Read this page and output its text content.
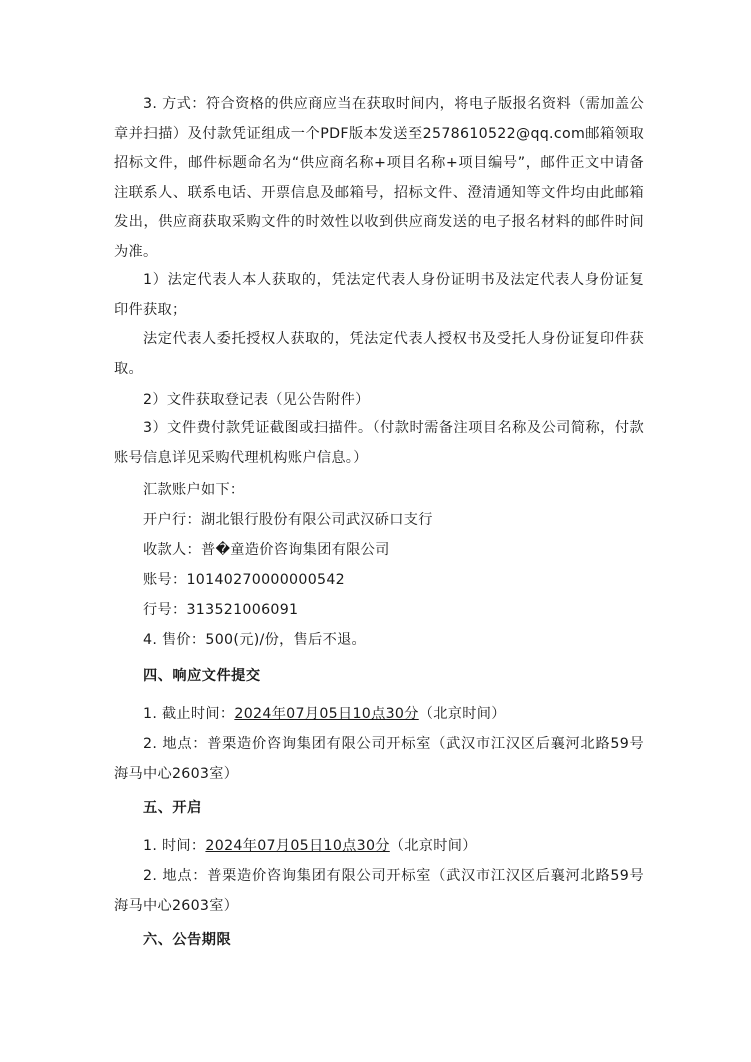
3. 方式：符合资格的供应商应当在获取时间内，将电子版报名资料（需加盖公章并扫描）及付款凭证组成一个PDF版本发送至2578610522@qq.com邮箱领取招标文件，邮件标题命名为“供应商名称+项目名称+项目编号”，邮件正文中请备注联系人、联系电话、开票信息及邮箱号，招标文件、澄清通知等文件均由此邮箱发出，供应商获取采购文件的时效性以收到供应商发送的电子报名材料的邮件时间为准。

1）法定代表人本人获取的，凭法定代表人身份证明书及法定代表人身份证复印件获取；

法定代表人委托授权人获取的，凭法定代表人授权书及受托人身份证复印件获取。

2）文件获取登记表（见公告附件）

3）文件费付款凭证截图或扫描件。（付款时需备注项目名称及公司简称，付款账号信息详见采购代理机构账户信息。）

汇款账户如下：

开户行：湖北银行股份有限公司武汉硚口支行

收款人：普�童造价咨询集团有限公司

账号：10140270000000542

行号：313521006091

4. 售价：500(元)/份，售后不退。

四、响应文件提交

1. 截止时间：2024年07月05日10点30分（北京时间）

2. 地点：普栗造价咨询集团有限公司开标室（武汉市江汉区后襄河北路59号海马中心2603室）

五、开启

1. 时间：2024年07月05日10点30分（北京时间）

2. 地点：普栗造价咨询集团有限公司开标室（武汉市江汉区后襄河北路59号海马中心2603室）

六、公告期限
